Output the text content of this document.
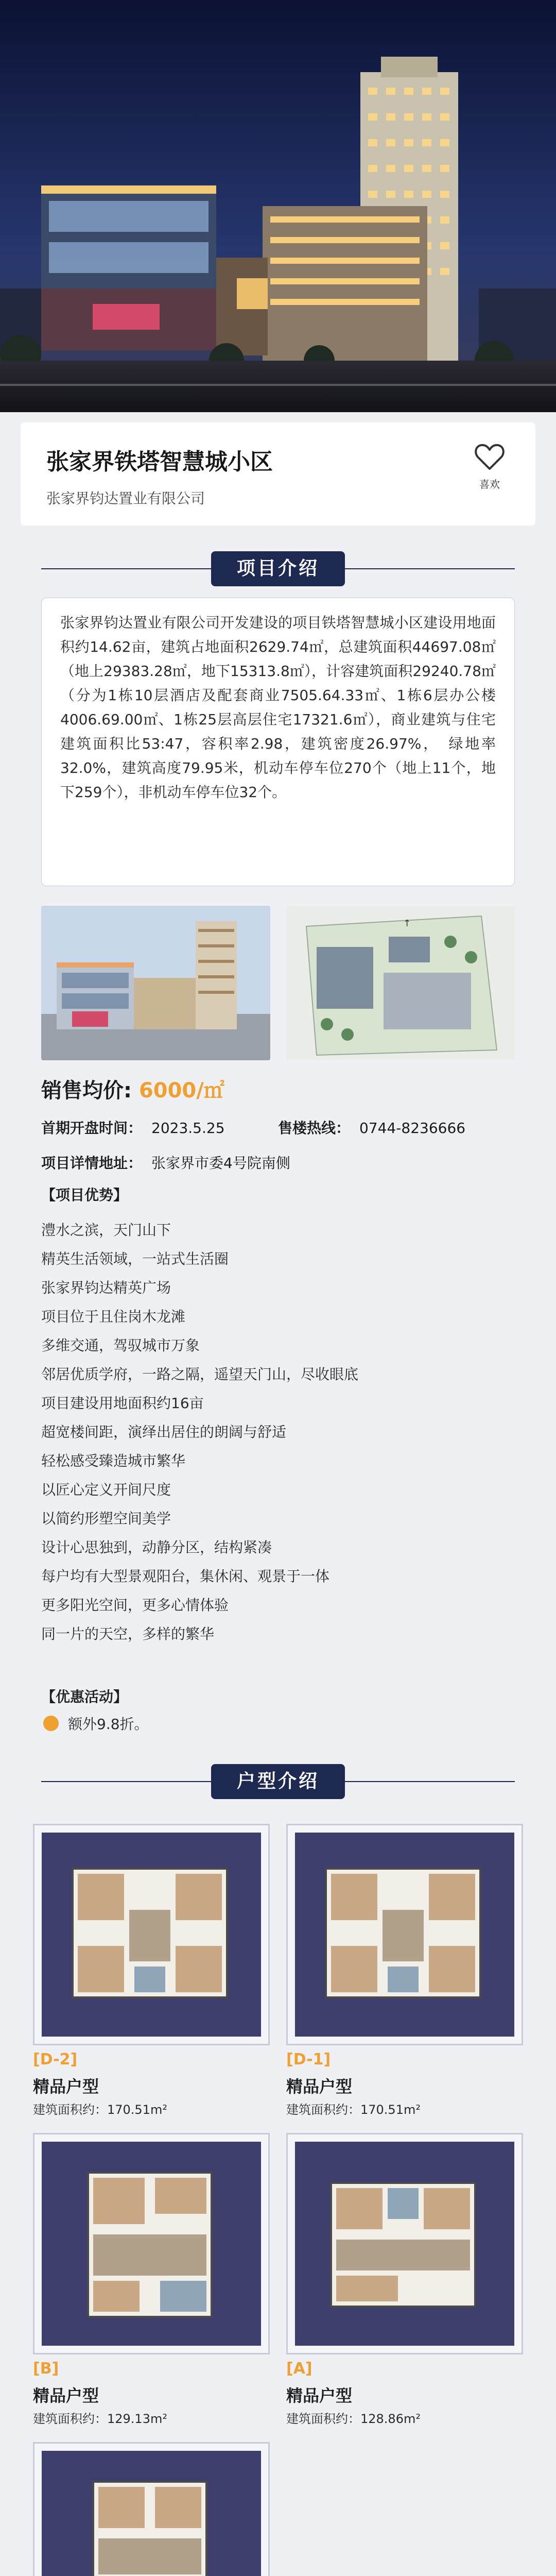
张家界铁塔智慧城小区
张家界钧达置业有限公司
喜欢
项目介绍

张家界钧达置业有限公司开发建设的项目铁塔智慧城小区建设用地面积约14.62亩，建筑占地面积2629.74㎡，总建筑面积44697.08㎡（地上29383.28㎡，地下15313.8㎡），计容建筑面积29240.78㎡（分为1栋10层酒店及配套商业7505.64.33㎡、1栋6层办公楼4006.69.00㎡、1栋25层高层住宅17321.6㎡），商业建筑与住宅建筑面积比53:47，容积率2.98，建筑密度26.97%，　绿地率32.0%，建筑高度79.95米，机动车停车位270个（地上11个，地下259个），非机动车停车位32个。

↑
销售均价: 6000/㎡
首期开盘时间： 2023.5.25	售楼热线： 0744-8236666
项目详情地址： 张家界市委4号院南侧
【项目优势】
澧水之滨，天门山下
精英生活领域，一站式生活圈
张家界钧达精英广场
项目位于且住岗木龙滩
多维交通，驾驭城市万象
邻居优质学府，一路之隔，遥望天门山，尽收眼底
项目建设用地面积约16亩
超宽楼间距，演绎出居住的朗阔与舒适
轻松感受臻造城市繁华
以匠心定义开间尺度
以简约形塑空间美学
设计心思独到，动静分区，结构紧凑
每户均有大型景观阳台，集休闲、观景于一体
更多阳光空间，更多心情体验
同一片的天空，多样的繁华
【优惠活动】
额外9.8折。
户型介绍
[D-2]
精品户型
建筑面积约：170.51m²
[D-1]
精品户型
建筑面积约：170.51m²
[B]
精品户型
建筑面积约：129.13m²
[A]
精品户型
建筑面积约：128.86m²
